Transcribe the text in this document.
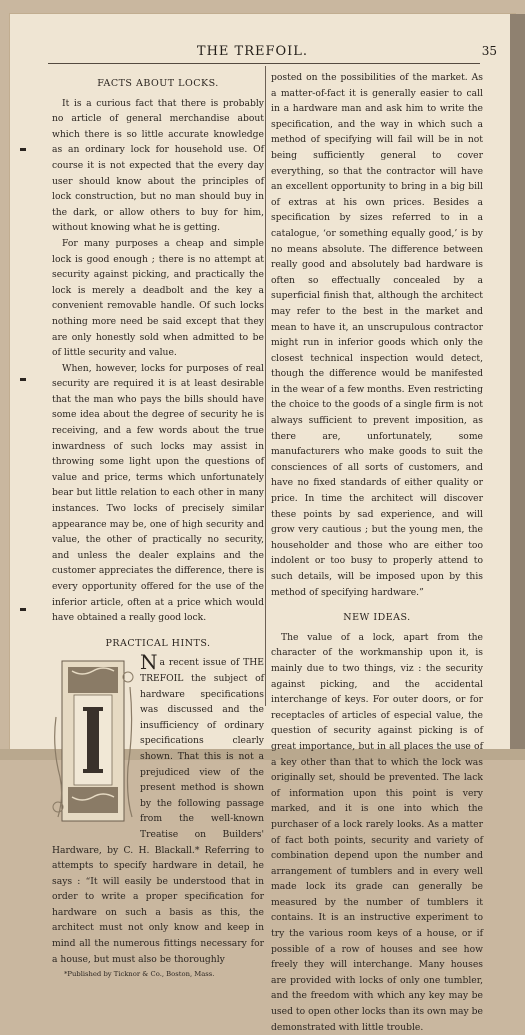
THE TREFOIL.	35
FACTS ABOUT LOCKS.

It is a curious fact that there is probably no article of general merchandise about which there is so little accurate knowledge as an ordinary lock for household use. Of course it is not expected that the every day user should know about the principles of lock construction, but no man should buy in the dark, or allow others to buy for him, without knowing what he is getting.

For many purposes a cheap and simple lock is good enough ; there is no attempt at security against picking, and practically the lock is merely a deadbolt and the key a convenient removable handle. Of such locks nothing more need be said except that they are only honestly sold when admitted to be of little security and value.

When, however, locks for purposes of real security are required it is at least desirable that the man who pays the bills should have some idea about the degree of security he is receiving, and a few words about the true inwardness of such locks may assist in throwing some light upon the questions of value and price, terms which unfortunately bear but little relation to each other in many instances. Two locks of precisely similar appearance may be, one of high security and value, the other of practically no security, and unless the dealer explains and the customer appreciates the difference, there is every opportunity offered for the use of the inferior article, often at a price which would have obtained a really good lock.

PRACTICAL HINTS.
N a recent issue of THE TREFOIL the subject of hardware specifications was discussed and the insufficiency of ordinary specifications clearly shown. That this is not a prejudiced view of the present method is shown by the following passage from the well-known Treatise on Builders' Hardware, by C. H. Blackall.* Referring to attempts to specify hardware in detail, he says : “It will easily be understood that in order to write a proper specification for hardware on such a basis as this, the architect must not only know and keep in mind all the numerous fittings necessary for a house, but must also be thoroughly
*Published by Ticknor & Co., Boston, Mass.

posted on the possibilities of the market. As a matter-of-fact it is generally easier to call in a hardware man and ask him to write the specification, and the way in which such a method of specifying will fail will be in not being sufficiently general to cover everything, so that the contractor will have an excellent opportunity to bring in a big bill of extras at his own prices. Besides a specification by sizes referred to in a catalogue, ‘or something equally good,’ is by no means absolute. The difference between really good and absolutely bad hardware is often so effectually concealed by a superficial finish that, although the architect may refer to the best in the market and mean to have it, an unscrupulous contractor might run in inferior goods which only the closest technical inspection would detect, though the difference would be manifested in the wear of a few months. Even restricting the choice to the goods of a single firm is not always sufficient to prevent imposition, as there are, unfortunately, some manufacturers who make goods to suit the consciences of all sorts of customers, and have no fixed standards of either quality or price. In time the architect will discover these points by sad experience, and will grow very cautious ; but the young men, the householder and those who are either too indolent or too busy to properly attend to such details, will be imposed upon by this method of specifying hardware.”

NEW IDEAS.

The value of a lock, apart from the character of the workmanship upon it, is mainly due to two things, viz : the security against picking, and the accidental interchange of keys. For outer doors, or for receptacles of articles of especial value, the question of security against picking is of great importance, but in all places the use of a key other than that to which the lock was originally set, should be prevented. The lack of information upon this point is very marked, and it is one into which the purchaser of a lock rarely looks. As a matter of fact both points, security and variety of combination depend upon the number and arrangement of tumblers and in every well made lock its grade can generally be measured by the number of tumblers it contains. It is an instructive experiment to try the various room keys of a house, or if possible of a row of houses and see how freely they will interchange. Many houses are provided with locks of only one tumbler, and the freedom with which any key may be used to open other locks than its own may be demonstrated with little trouble.
